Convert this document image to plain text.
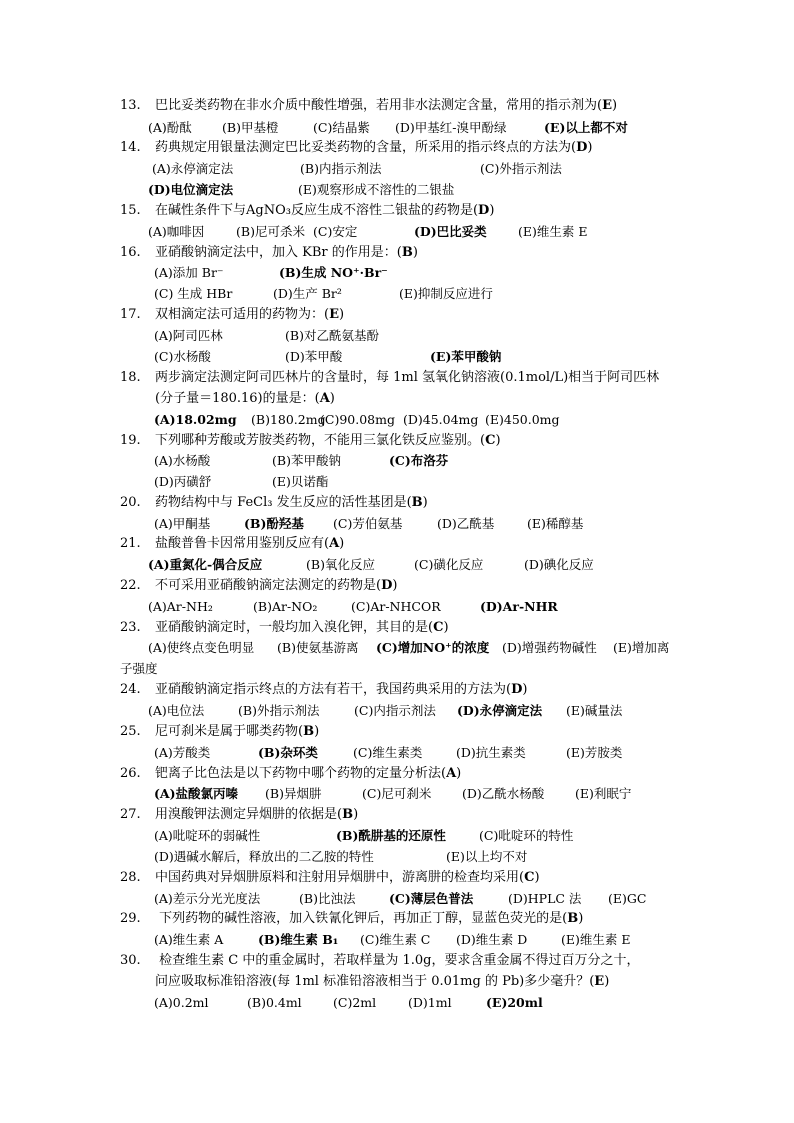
13. 巴比妥类药物在非水介质中酸性增强，若用非水法测定含量，常用的指示剂为(E)
(A)酚酞 (B)甲基橙	(C)结晶紫 (D)甲基红-溴甲酚绿	(E)以上都不对
14. 药典规定用银量法测定巴比妥类药物的含量，所采用的指示终点的方法为(D)
(A)永停滴定法	(B)内指示剂法	(C)外指示剂法
(D)电位滴定法	(E)观察形成不溶性的二银盐
15. 在碱性条件下与AgNO₃反应生成不溶性二银盐的药物是(D)
(A)咖啡因	(B)尼可杀米 (C)安定	(D)巴比妥类	(E)维生素 E
16. 亚硝酸钠滴定法中，加入 KBr 的作用是：(B)
(A)添加 Br⁻	(B)生成 NO⁺·Br⁻
(C) 生成 HBr	(D)生产 Br²	(E)抑制反应进行
17. 双相滴定法可适用的药物为：(E)
(A)阿司匹林	(B)对乙酰氨基酚
(C)水杨酸	(D)苯甲酸	(E)苯甲酸钠
18. 两步滴定法测定阿司匹林片的含量时，每 1ml 氢氧化钠溶液(0.1mol/L)相当于阿司匹林
(分子量＝180.16)的量是：(A)
(A)18.02mg (B)180.2mg
(C)90.08mg (D)45.04mg (E)450.0mg
19. 下列哪种芳酸或芳胺类药物，不能用三氯化铁反应鉴别。(C)
(A)水杨酸	(B)苯甲酸钠	(C)布洛芬
(D)丙磺舒	(E)贝诺酯
20. 药物结构中与 FeCl₃ 发生反应的活性基团是(B)
(A)甲酮基	(B)酚羟基 (C)芳伯氨基	(D)乙酰基	(E)稀醇基
21. 盐酸普鲁卡因常用鉴别反应有(A)
(A)重氮化-偶合反应	(B)氧化反应	(C)磺化反应	(D)碘化反应
22. 不可采用亚硝酸钠滴定法测定的药物是(D)
(A)Ar-NH₂	(B)Ar-NO₂	(C)Ar-NHCOR	(D)Ar-NHR
23. 亚硝酸钠滴定时，一般均加入溴化钾，其目的是(C)
(A)使终点变色明显 (B)使氨基游离 (C)增加NO⁺的浓度 (D)增强药物碱性 (E)增加离
子强度
24. 亚硝酸钠滴定指示终点的方法有若干，我国药典采用的方法为(D)
(A)电位法	(B)外指示剂法	(C)内指示剂法 (D)永停滴定法 (E)碱量法
25. 尼可刹米是属于哪类药物(B)
(A)芳酸类	(B)杂环类	(C)维生素类	(D)抗生素类	(E)芳胺类
26. 钯离子比色法是以下药物中哪个药物的定量分析法(A)
(A)盐酸氯丙嗪 (B)异烟肼	(C)尼可刹米 (D)乙酰水杨酸 (E)利眠宁
27. 用溴酸钾法测定异烟肼的依据是(B)
(A)吡啶环的弱碱性	(B)酰肼基的还原性	(C)吡啶环的特性
(D)遇碱水解后，释放出的二乙胺的特性	(E)以上均不对
28. 中国药典对异烟肼原料和注射用异烟肼中，游离肼的检查均采用(C)
(A)差示分光光度法	(B)比浊法	(C)薄层色普法	(D)HPLC 法 (E)GC
29. 下列药物的碱性溶液，加入铁氰化钾后，再加正丁醇，显蓝色荧光的是(B)
(A)维生素 A	(B)维生素 B₁ (C)维生素 C (D)维生素 D	(E)维生素 E
30. 检查维生素 C 中的重金属时，若取样量为 1.0g，要求含重金属不得过百万分之十，
问应吸取标准铅溶液(每 1ml 标准铅溶液相当于 0.01mg 的 Pb)多少毫升？(E)
(A)0.2ml	(B)0.4ml	(C)2ml	(D)1ml	(E)20ml
